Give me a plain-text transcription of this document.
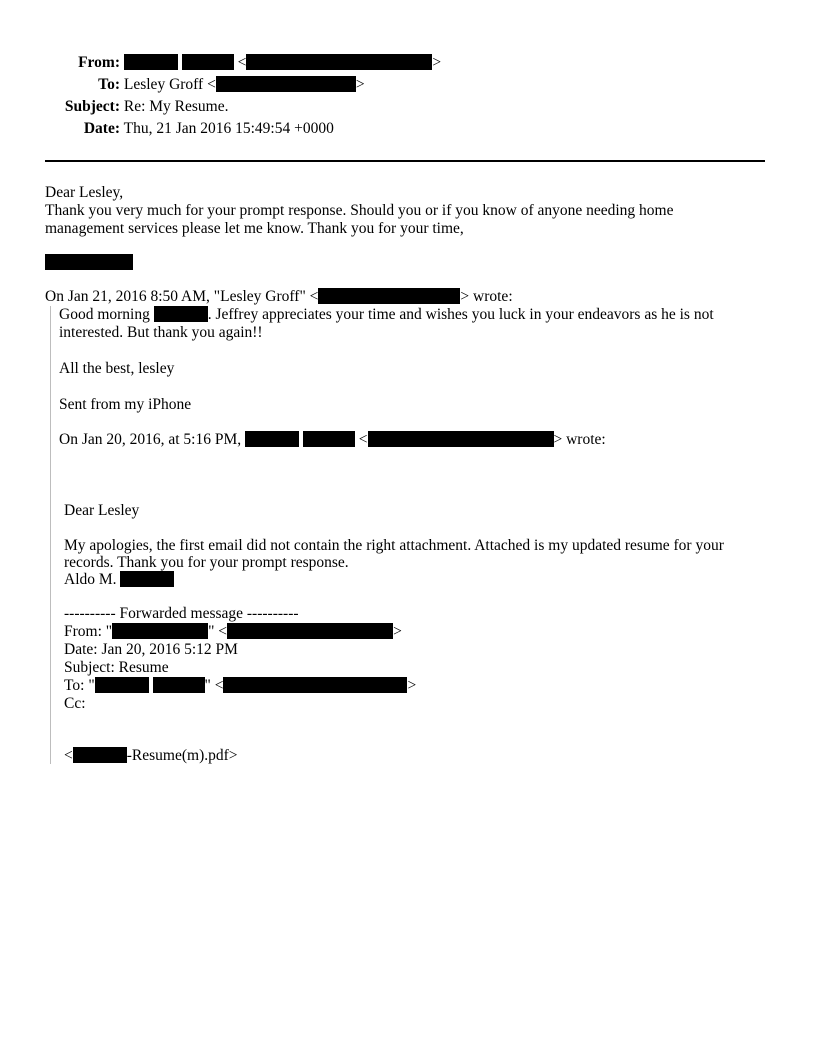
From:	<	>
To: Lesley Groff <	>
Subject: Re: My Resume.
Date: Thu, 21 Jan 2016 15:49:54 +0000
Dear Lesley,
Thank you very much for your prompt response. Should you or if you know of anyone needing home
management services please let me know. Thank you for your time,
On Jan 21, 2016 8:50 AM, "Lesley Groff" <	> wrote:
Good morning	. Jeffrey appreciates your time and wishes you luck in your endeavors as he is not
interested. But thank you again!!
All the best, lesley
Sent from my iPhone
On Jan 20, 2016, at 5:16 PM,	<	> wrote:
Dear Lesley
My apologies, the first email did not contain the right attachment. Attached is my updated resume for your
records. Thank you for your prompt response.
Aldo M.
---------- Forwarded message ----------
From: "	" <	>
Date: Jan 20, 2016 5:12 PM
Subject: Resume
To: "	" <	>
Cc:
<	-Resume(m).pdf>
